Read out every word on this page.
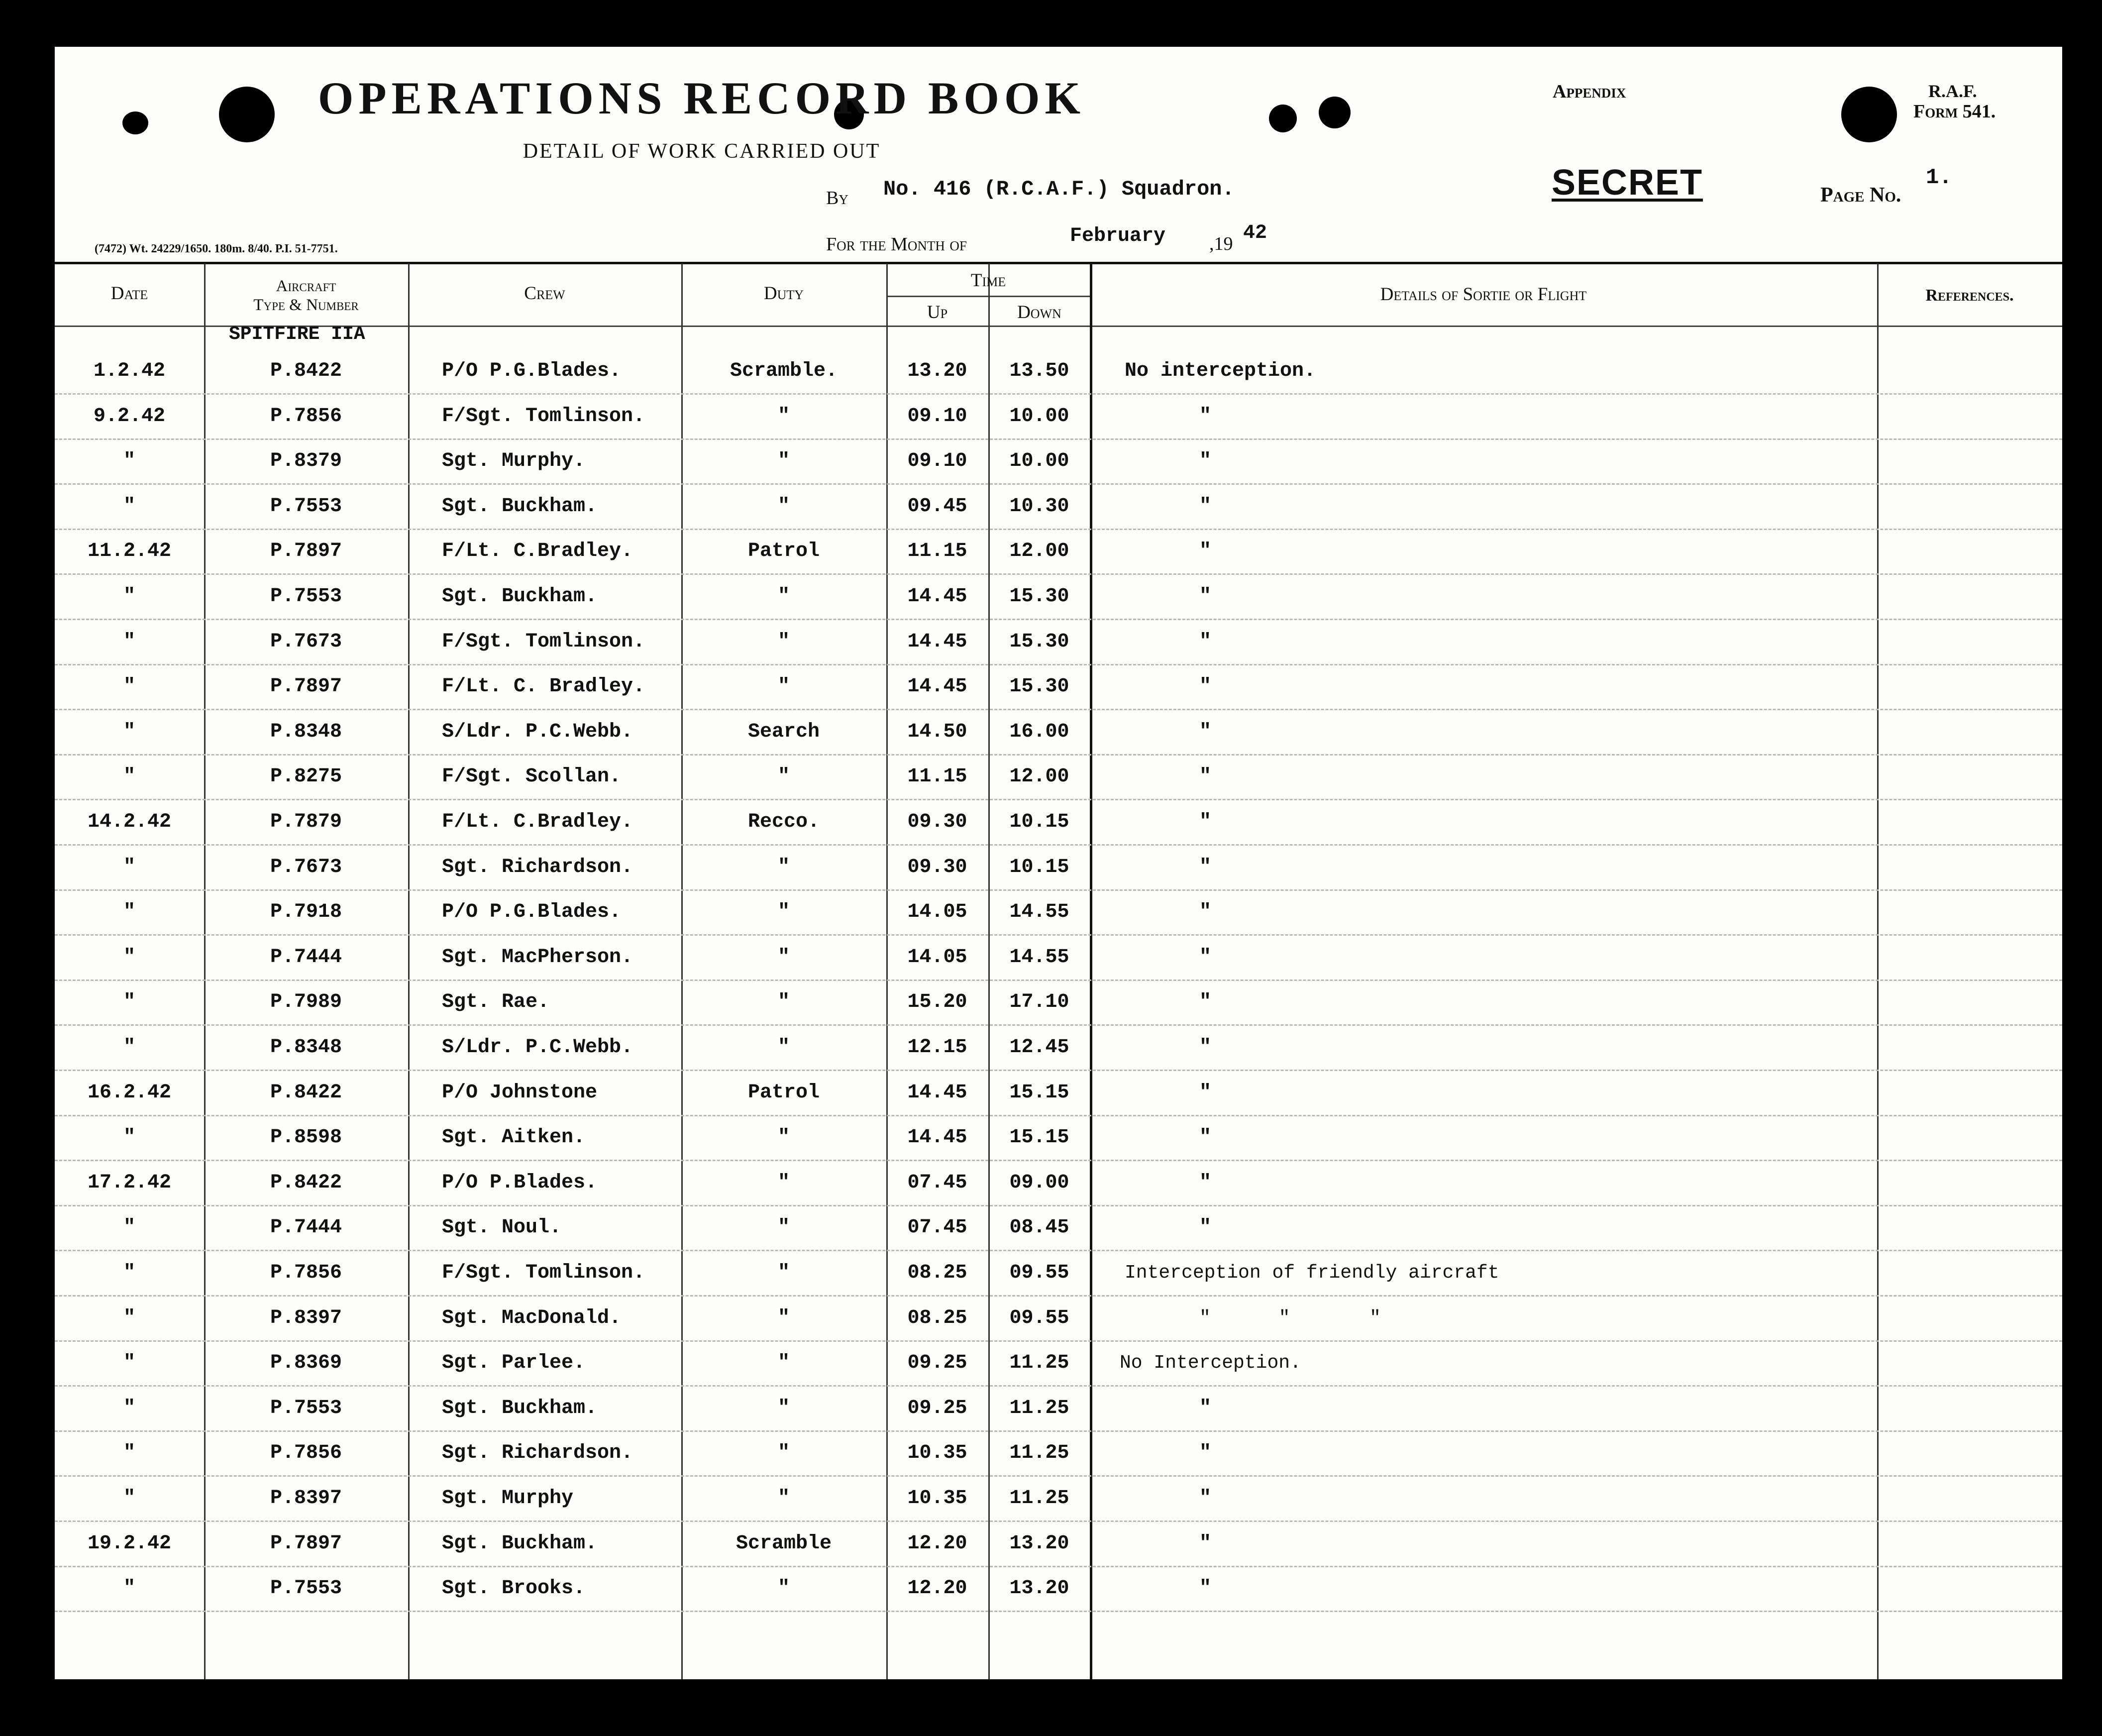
OPERATIONS RECORD BOOK
DETAIL OF WORK CARRIED OUT
By No. 416 (R.C.A.F.) Squadron.
For the Month of	February ,19 42
Appendix	R.A.F.
Form 541.
SECRET	Page No.
1.
(7472) Wt. 24229/1650. 180m. 8/40. P.I. 51-7751.
Date	Aircraft
Type & Number
Crew	Duty
Time
Up	Down
Details of Sortie or Flight	References.
SPITFIRE IIA
1.2.42	P.8422	P/O P.G.Blades.	Scramble.	13.20	13.50	No interception.
9.2.42	P.7856	F/Sgt. Tomlinson.	"	09.10	10.00	"
"	P.8379	Sgt. Murphy.	"	09.10	10.00	"
"	P.7553	Sgt. Buckham.	"	09.45	10.30	"
11.2.42	P.7897	F/Lt. C.Bradley.	Patrol	11.15	12.00	"
"	P.7553	Sgt. Buckham.	"	14.45	15.30	"
"	P.7673	F/Sgt. Tomlinson.	"	14.45	15.30	"
"	P.7897	F/Lt. C. Bradley.	"	14.45	15.30	"
"	P.8348	S/Ldr. P.C.Webb.	Search	14.50	16.00	"
"	P.8275	F/Sgt. Scollan.	"	11.15	12.00	"
14.2.42	P.7879	F/Lt. C.Bradley.	Recco.	09.30	10.15	"
"	P.7673	Sgt. Richardson.	"	09.30	10.15	"
"	P.7918	P/O P.G.Blades.	"	14.05	14.55	"
"	P.7444	Sgt. MacPherson.	"	14.05	14.55	"
"	P.7989	Sgt. Rae.	"	15.20	17.10	"
"	P.8348	S/Ldr. P.C.Webb.	"	12.15	12.45	"
16.2.42	P.8422	P/O Johnstone	Patrol	14.45	15.15	"
"	P.8598	Sgt. Aitken.	"	14.45	15.15	"
17.2.42	P.8422	P/O P.Blades.	"	07.45	09.00	"
"	P.7444	Sgt. Noul.	"	07.45	08.45	"
"	P.7856	F/Sgt. Tomlinson.	"	08.25	09.55	Interception of friendly aircraft
"	P.8397	Sgt. MacDonald.	"	08.25	09.55	"      "       "
"	P.8369	Sgt. Parlee.	"	09.25	11.25	No Interception.
"	P.7553	Sgt. Buckham.	"	09.25	11.25	"
"	P.7856	Sgt. Richardson.	"	10.35	11.25	"
"	P.8397	Sgt. Murphy	"	10.35	11.25	"
19.2.42	P.7897	Sgt. Buckham.	Scramble	12.20	13.20	"
"	P.7553	Sgt. Brooks.	"	12.20	13.20	"
